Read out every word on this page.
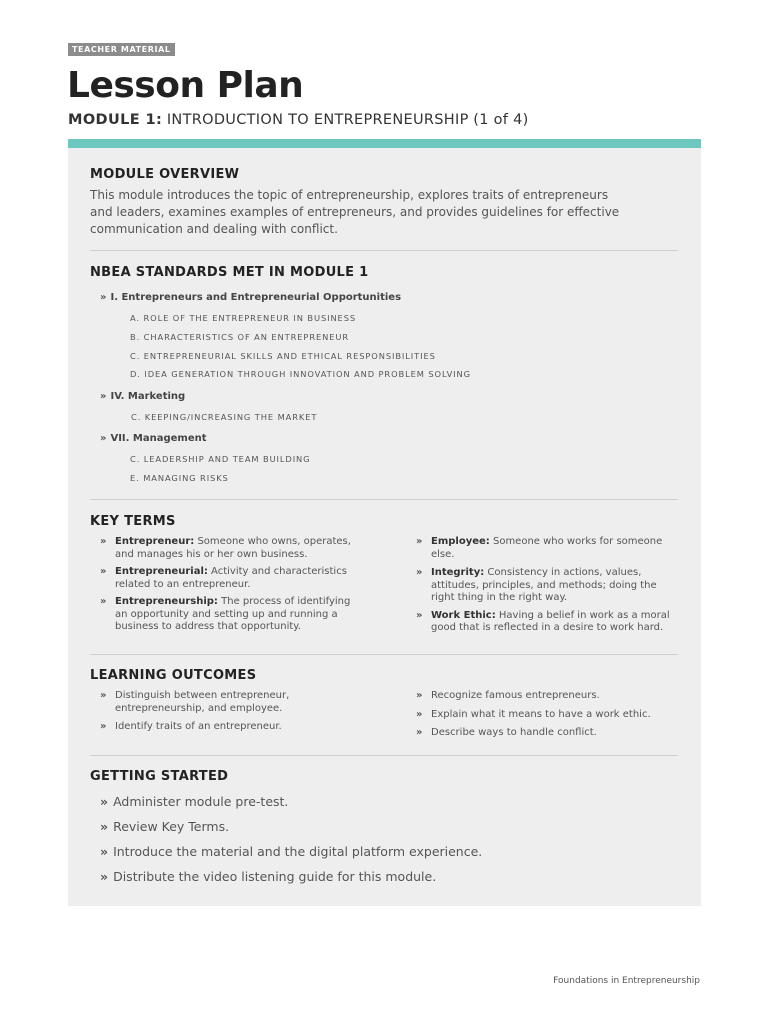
TEACHER MATERIAL
Lesson Plan
MODULE 1: INTRODUCTION TO ENTREPRENEURSHIP (1 of 4)
MODULE OVERVIEW
This module introduces the topic of entrepreneurship, explores traits of entrepreneurs
and leaders, examines examples of entrepreneurs, and provides guidelines for effective
communication and dealing with conflict.
NBEA STANDARDS MET IN MODULE 1
» I. Entrepreneurs and Entrepreneurial Opportunities
A. ROLE OF THE ENTREPRENEUR IN BUSINESS
B. CHARACTERISTICS OF AN ENTREPRENEUR
C. ENTREPRENEURIAL SKILLS AND ETHICAL RESPONSIBILITIES
D. IDEA GENERATION THROUGH INNOVATION AND PROBLEM SOLVING
» IV. Marketing
C. KEEPING/INCREASING THE MARKET
» VII. Management
C. LEADERSHIP AND TEAM BUILDING
E. MANAGING RISKS
KEY TERMS
» Entrepreneur: Someone who owns, operates,
and manages his or her own business.
» Entrepreneurial: Activity and characteristics
related to an entrepreneur.
» Entrepreneurship: The process of identifying
an opportunity and setting up and running a
business to address that opportunity.
» Employee: Someone who works for someone else.
» Integrity: Consistency in actions, values,
attitudes, principles, and methods; doing the
right thing in the right way.
» Work Ethic: Having a belief in work as a moral
good that is reflected in a desire to work hard.
LEARNING OUTCOMES
» Distinguish between entrepreneur,
entrepreneurship, and employee.
» Identify traits of an entrepreneur.
» Recognize famous entrepreneurs.
» Explain what it means to have a work ethic.
» Describe ways to handle conflict.
GETTING STARTED
» Administer module pre-test.
» Review Key Terms.
» Introduce the material and the digital platform experience.
» Distribute the video listening guide for this module.
Foundations in Entrepreneurship
